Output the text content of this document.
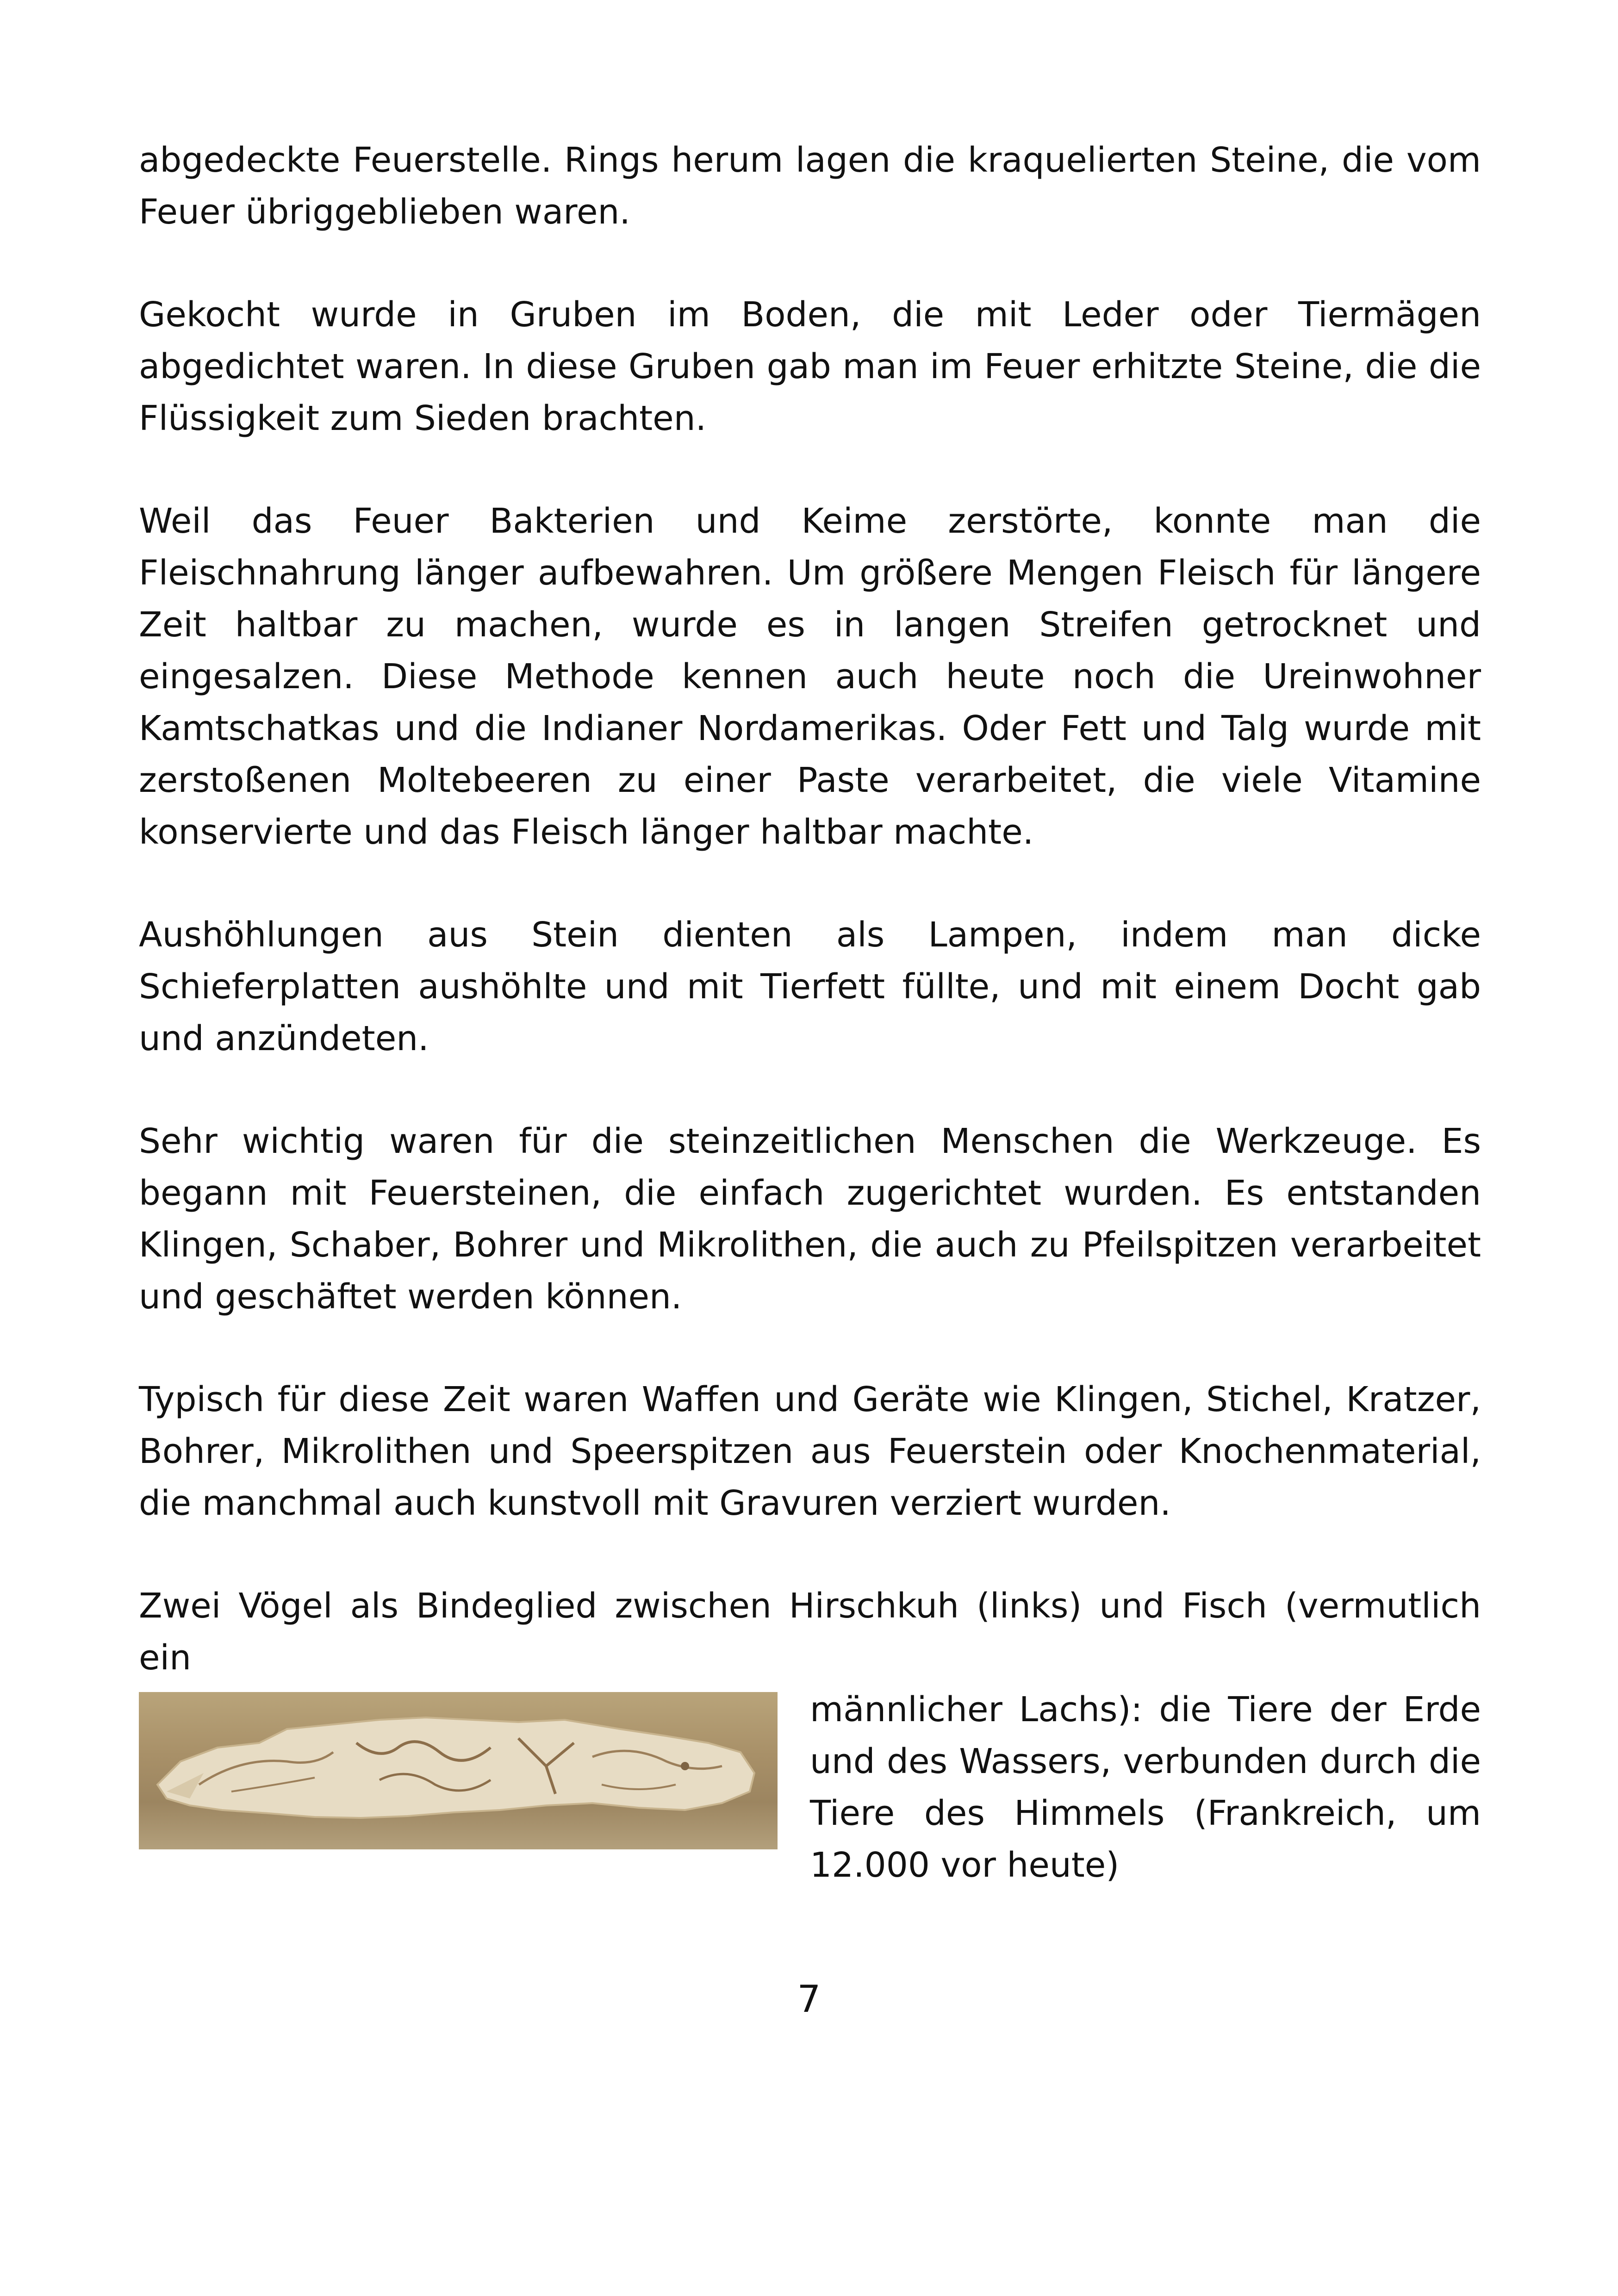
abgedeckte Feuerstelle. Rings herum lagen die kraquelierten Steine, die vom Feuer übriggeblieben waren.

Gekocht wurde in Gruben im Boden, die mit Leder oder Tiermägen abgedichtet waren. In diese Gruben gab man im Feuer erhitzte Steine, die die Flüssigkeit zum Sieden brachten.

Weil das Feuer Bakterien und Keime zerstörte, konnte man die Fleischnahrung länger aufbewahren. Um größere Mengen Fleisch für längere Zeit haltbar zu machen, wurde es in langen Streifen getrocknet und eingesalzen. Diese Methode kennen auch heute noch die Ureinwohner Kamtschatkas und die Indianer Nordamerikas. Oder Fett und Talg wurde mit zerstoßenen Moltebeeren zu einer Paste verarbeitet, die viele Vitamine konservierte und das Fleisch länger haltbar machte.

Aushöhlungen aus Stein dienten als Lampen, indem man dicke Schieferplatten aushöhlte und mit Tierfett füllte, und mit einem Docht gab und anzündeten.

Sehr wichtig waren für die steinzeitlichen Menschen die Werkzeuge. Es begann mit Feuersteinen, die einfach zugerichtet wurden. Es entstanden Klingen, Schaber, Bohrer und Mikrolithen, die auch zu Pfeilspitzen verarbeitet und geschäftet werden können.

Typisch für diese Zeit waren Waffen und Geräte wie Klingen, Stichel, Kratzer, Bohrer, Mikrolithen und Speerspitzen aus Feuerstein oder Knochenmaterial, die manchmal auch kunstvoll mit Gravuren verziert wurden.

Zwei Vögel als Bindeglied zwischen Hirschkuh (links) und Fisch (vermutlich ein

männlicher Lachs): die Tiere der Erde und des Wassers, verbunden durch die Tiere des Himmels (Frankreich, um 12.000 vor heute)

7
